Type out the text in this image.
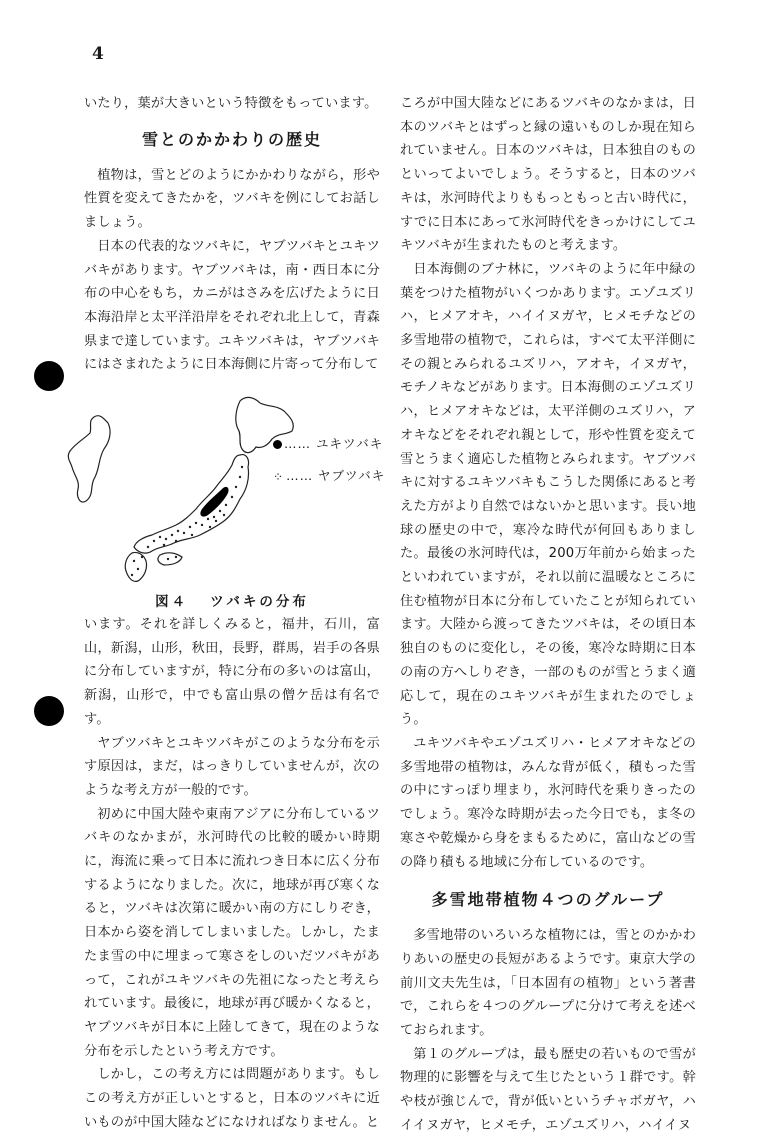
4

いたり，葉が大きいという特徴をもっています。

雪とのかかわりの歴史

植物は，雪とどのようにかかわりながら，形や性質を変えてきたかを，ツバキを例にしてお話しましょう。

日本の代表的なツバキに，ヤブツバキとユキツバキがあります。ヤブツバキは，南・西日本に分布の中心をもち，カニがはさみを広げたように日本海沿岸と太平洋沿岸をそれぞれ北上して，青森県まで達しています。ユキツバキは，ヤブツバキにはさまれたように日本海側に片寄って分布して

…… ユキツバキ
⁘ …… ヤブツバキ
図４ ツバキの分布

います。それを詳しくみると，福井，石川，富山，新潟，山形，秋田，長野，群馬，岩手の各県に分布していますが，特に分布の多いのは富山，新潟，山形で，中でも富山県の僧ケ岳は有名です。

ヤブツバキとユキツバキがこのような分布を示す原因は，まだ，はっきりしていませんが，次のような考え方が一般的です。

初めに中国大陸や東南アジアに分布しているツバキのなかまが，氷河時代の比較的暖かい時期に，海流に乗って日本に流れつき日本に広く分布するようになりました。次に，地球が再び寒くなると，ツバキは次第に暖かい南の方にしりぞき，日本から姿を消してしまいました。しかし，たまたま雪の中に埋まって寒さをしのいだツバキがあって，これがユキツバキの先祖になったと考えられています。最後に，地球が再び暖かくなると，ヤブツバキが日本に上陸してきて，現在のような分布を示したという考え方です。

しかし，この考え方には問題があります。もしこの考え方が正しいとすると，日本のツバキに近いものが中国大陸などになければなりません。と

ころが中国大陸などにあるツバキのなかまは，日本のツバキとはずっと縁の遠いものしか現在知られていません。日本のツバキは，日本独自のものといってよいでしょう。そうすると，日本のツバキは，氷河時代よりももっともっと古い時代に，すでに日本にあって氷河時代をきっかけにしてユキツバキが生まれたものと考えます。

日本海側のブナ林に，ツバキのように年中緑の葉をつけた植物がいくつかあります。エゾユズリハ，ヒメアオキ，ハイイヌガヤ，ヒメモチなどの多雪地帯の植物で，これらは，すべて太平洋側にその親とみられるユズリハ，アオキ，イヌガヤ，モチノキなどがあります。日本海側のエゾユズリハ，ヒメアオキなどは，太平洋側のユズリハ，アオキなどをそれぞれ親として，形や性質を変えて雪とうまく適応した植物とみられます。ヤブツバキに対するユキツバキもこうした関係にあると考えた方がより自然ではないかと思います。長い地球の歴史の中で，寒冷な時代が何回もありました。最後の氷河時代は，200万年前から始まったといわれていますが，それ以前に温暖なところに住む植物が日本に分布していたことが知られています。大陸から渡ってきたツバキは，その頃日本独自のものに変化し，その後，寒冷な時期に日本の南の方へしりぞき，一部のものが雪とうまく適応して，現在のユキツバキが生まれたのでしょう。

ユキツバキやエゾユズリハ・ヒメアオキなどの多雪地帯の植物は，みんな背が低く，積もった雪の中にすっぽり埋まり，氷河時代を乗りきったのでしょう。寒冷な時期が去った今日でも，ま冬の寒さや乾燥から身をまもるために，富山などの雪の降り積もる地域に分布しているのです。

多雪地帯植物４つのグループ

多雪地帯のいろいろな植物には，雪とのかかわりあいの歴史の長短があるようです。東京大学の前川文夫先生は，「日本固有の植物」という著書で，これらを４つのグループに分けて考えを述べておられます。

第１のグループは，最も歴史の若いもので雪が物理的に影響を与えて生じたという１群です。幹や枝が強じんで，背が低いというチャボガヤ，ハイイヌガヤ，ヒメモチ，エゾユズリハ，ハイイヌ
